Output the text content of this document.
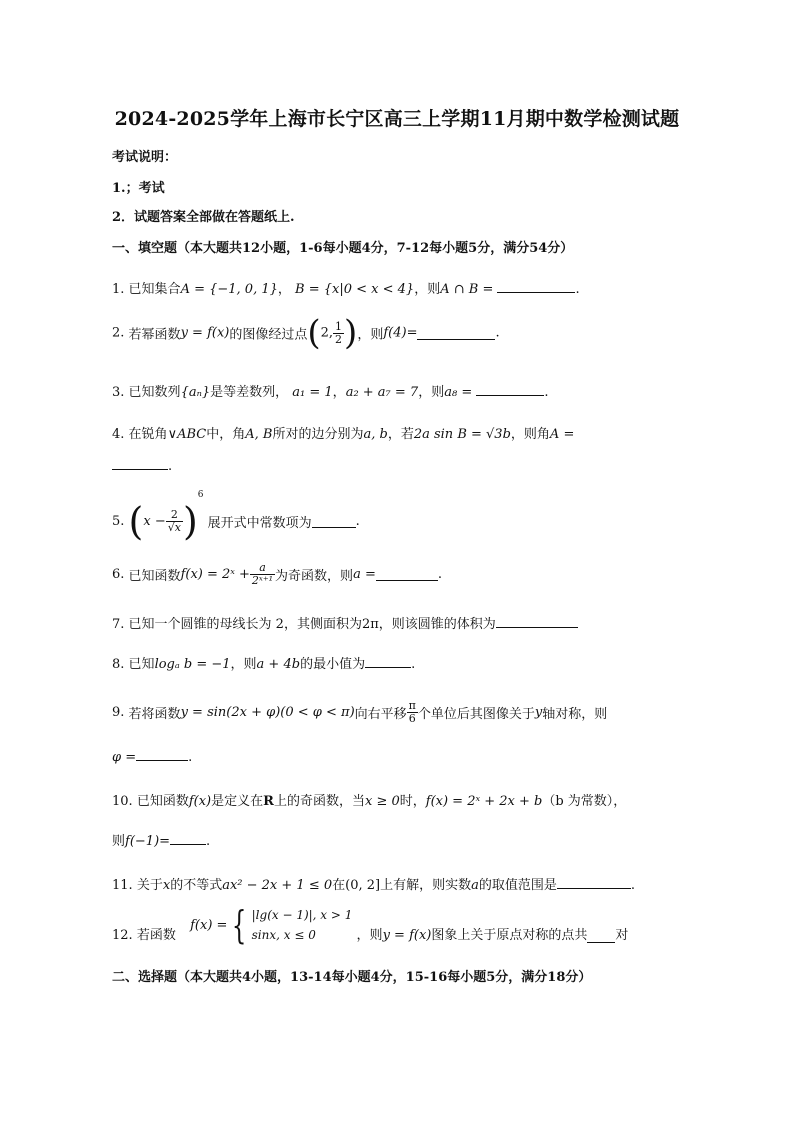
2024-2025学年上海市长宁区高三上学期11月期中数学检测试题
考试说明：
1.；考试
2．试题答案全部做在答题纸上.
一、填空题（本大题共12小题，1-6每小题4分，7-12每小题5分，满分54分）
1. 已知集合A = {−1, 0, 1}， B = {x|0 < x < 4}，则A ∩ B =	.
2. 若幂函数y = f(x)的图像经过点(2, $\frac{1}{2}$ )，则f(4)=	.
3. 已知数列{aₙ}是等差数列， a₁ = 1，a₂ + a₇ = 7，则a₈ =	.
4. 在锐角∨ABC中，角A, B所对的边分别为a, b，若2a sin B = √3b，则角A =
.
5. $(x - \frac{2}{√x} )^6$ 展开式中常数项为	.
6. 已知函数f(x) = 2ˣ + $\frac{a}{\text{2ˣ⁺¹}}$ 为奇函数，则a =	.
7. 已知一个圆锥的母线长为 2，其侧面积为2π，则该圆锥的体积为
8. 已知logₐ b = −1，则a + 4b的最小值为	.
9. 若将函数y = sin(2x + φ)(0 < φ < π)向右平移 $\frac{\pi}{6}$ 个单位后其图像关于y轴对称，则
φ =	.
10. 已知函数f(x)是定义在R上的奇函数，当x ≥ 0时，f(x) = 2ˣ + 2x + b（b 为常数），
则f(−1)=	.
11. 关于x的不等式ax² − 2x + 1 ≤ 0在(0, 2]上有解，则实数a的取值范围是	.
12. 若函数  f(x) = { |lg(x − 1)|, x > 1
sinx, x ≤ 0	，则y = f(x)图象上关于原点对称的点共 对
二、选择题（本大题共4小题，13-14每小题4分，15-16每小题5分，满分18分）
